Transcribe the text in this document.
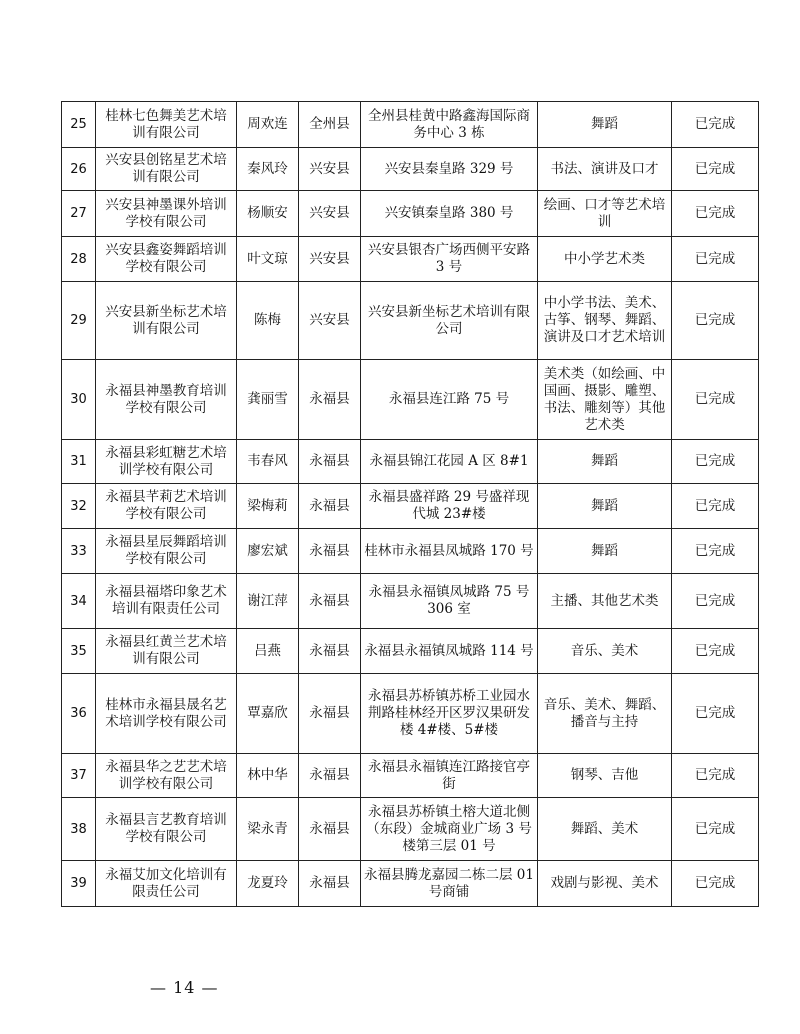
25	桂林七色舞美艺术培训有限公司	周欢连	全州县	全州县桂黄中路鑫海国际商务中心 3 栋	舞蹈	已完成
26	兴安县创铭星艺术培训有限公司	秦风玲	兴安县	兴安县秦皇路 329 号	书法、演讲及口才	已完成
27	兴安县神墨课外培训学校有限公司	杨顺安	兴安县	兴安镇秦皇路 380 号	绘画、口才等艺术培训	已完成
28	兴安县鑫姿舞蹈培训学校有限公司	叶文琼	兴安县	兴安县银杏广场西侧平安路 3 号	中小学艺术类	已完成
29	兴安县新坐标艺术培训有限公司	陈梅	兴安县	兴安县新坐标艺术培训有限公司	中小学书法、美术、古筝、钢琴、舞蹈、演讲及口才艺术培训	已完成
30	永福县神墨教育培训学校有限公司	龚丽雪	永福县	永福县连江路 75 号	美术类（如绘画、中国画、摄影、雕塑、书法、雕刻等）其他艺术类	已完成
31	永福县彩虹糖艺术培训学校有限公司	韦春风	永福县	永福县锦江花园 A 区 8#1	舞蹈	已完成
32	永福县芊莉艺术培训学校有限公司	梁梅莉	永福县	永福县盛祥路 29 号盛祥现代城 23#楼	舞蹈	已完成
33	永福县星辰舞蹈培训学校有限公司	廖宏斌	永福县	桂林市永福县凤城路 170 号	舞蹈	已完成
34	永福县福塔印象艺术培训有限责任公司	谢江萍	永福县	永福县永福镇凤城路 75 号 306 室	主播、其他艺术类	已完成
35	永福县红黄兰艺术培训有限公司	吕燕	永福县	永福县永福镇凤城路 114 号	音乐、美术	已完成
36	桂林市永福县晟名艺术培训学校有限公司	覃嘉欣	永福县	永福县苏桥镇苏桥工业园水荆路桂林经开区罗汉果研发楼 4#楼、5#楼	音乐、美术、舞蹈、播音与主持	已完成
37	永福县华之艺艺术培训学校有限公司	林中华	永福县	永福县永福镇连江路接官亭街	钢琴、吉他	已完成
38	永福县言艺教育培训学校有限公司	梁永青	永福县	永福县苏桥镇土榕大道北侧（东段）金城商业广场 3 号楼第三层 01 号	舞蹈、美术	已完成
39	永福艾加文化培训有限责任公司	龙夏玲	永福县	永福县腾龙嘉园二栋二层 01 号商铺	戏剧与影视、美术	已完成
— 14 —
